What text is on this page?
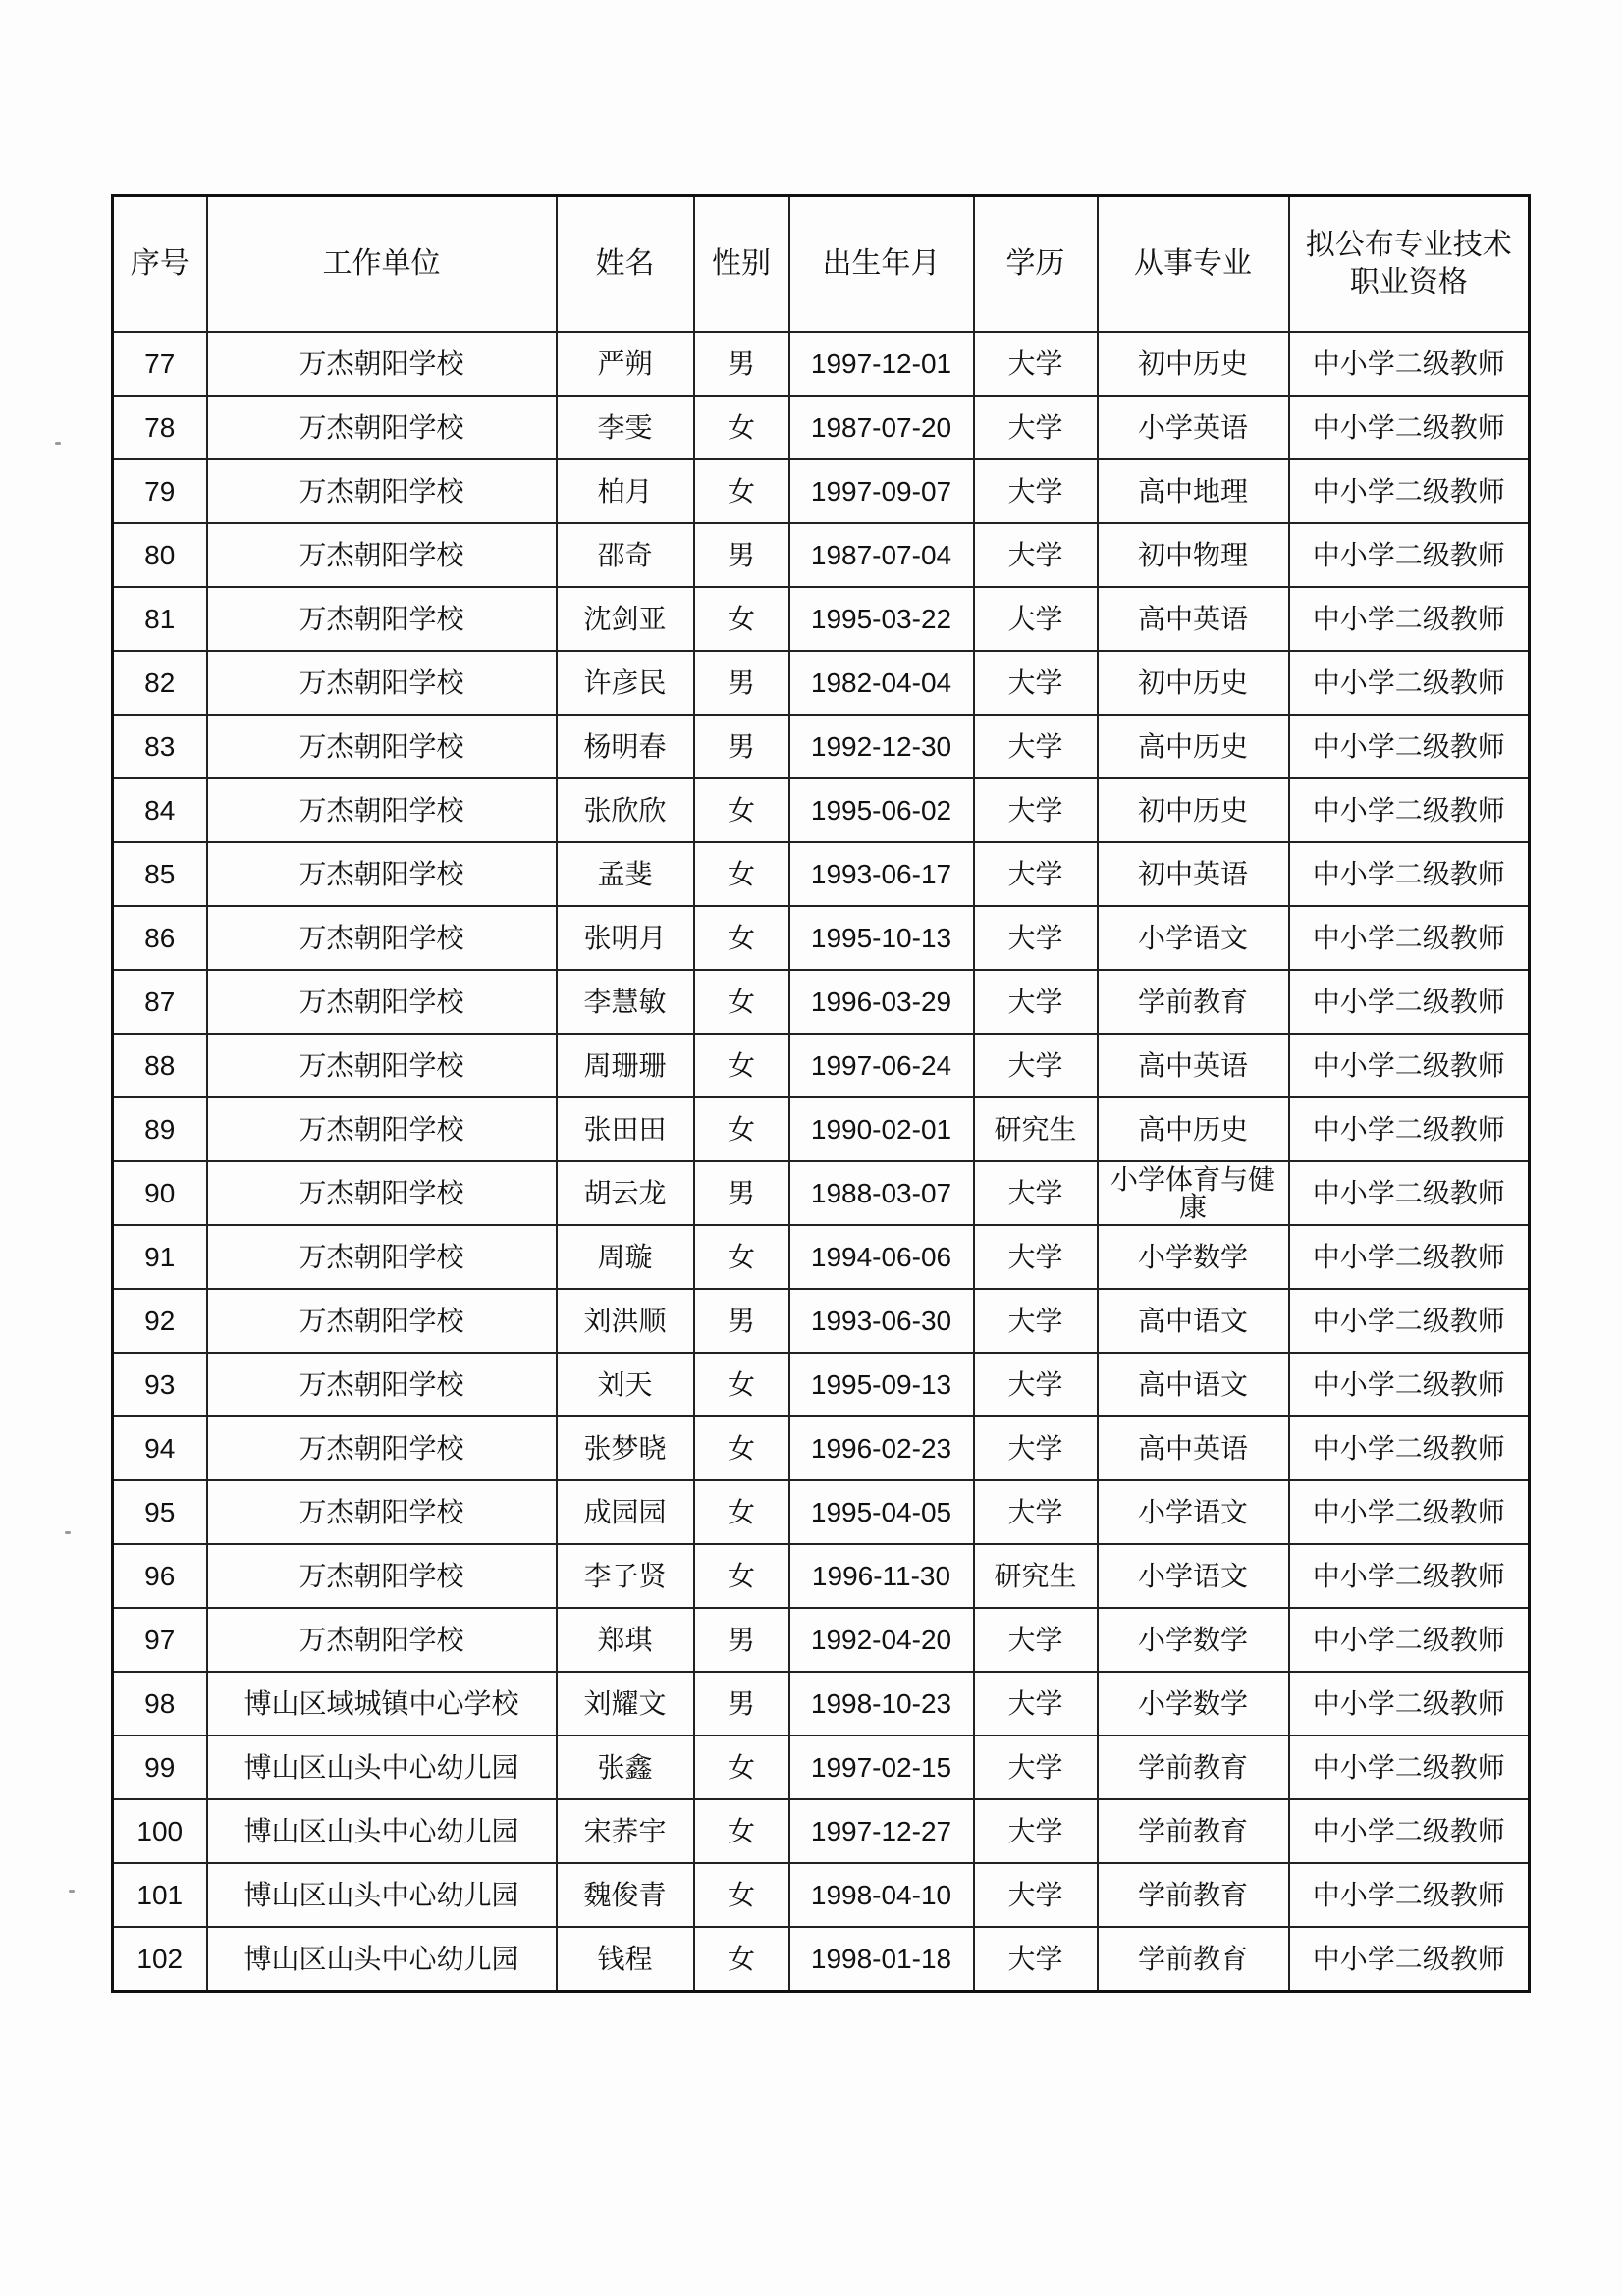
序号	工作单位	姓名	性别	出生年月	学历	从事专业	拟公布专业技术职业资格
77	万杰朝阳学校	严朔	男	1997-12-01	大学	初中历史	中小学二级教师
78	万杰朝阳学校	李雯	女	1987-07-20	大学	小学英语	中小学二级教师
79	万杰朝阳学校	柏月	女	1997-09-07	大学	高中地理	中小学二级教师
80	万杰朝阳学校	邵奇	男	1987-07-04	大学	初中物理	中小学二级教师
81	万杰朝阳学校	沈剑亚	女	1995-03-22	大学	高中英语	中小学二级教师
82	万杰朝阳学校	许彦民	男	1982-04-04	大学	初中历史	中小学二级教师
83	万杰朝阳学校	杨明春	男	1992-12-30	大学	高中历史	中小学二级教师
84	万杰朝阳学校	张欣欣	女	1995-06-02	大学	初中历史	中小学二级教师
85	万杰朝阳学校	孟斐	女	1993-06-17	大学	初中英语	中小学二级教师
86	万杰朝阳学校	张明月	女	1995-10-13	大学	小学语文	中小学二级教师
87	万杰朝阳学校	李慧敏	女	1996-03-29	大学	学前教育	中小学二级教师
88	万杰朝阳学校	周珊珊	女	1997-06-24	大学	高中英语	中小学二级教师
89	万杰朝阳学校	张田田	女	1990-02-01	研究生	高中历史	中小学二级教师
90	万杰朝阳学校	胡云龙	男	1988-03-07	大学	小学体育与健康	中小学二级教师
91	万杰朝阳学校	周璇	女	1994-06-06	大学	小学数学	中小学二级教师
92	万杰朝阳学校	刘洪顺	男	1993-06-30	大学	高中语文	中小学二级教师
93	万杰朝阳学校	刘天	女	1995-09-13	大学	高中语文	中小学二级教师
94	万杰朝阳学校	张梦晓	女	1996-02-23	大学	高中英语	中小学二级教师
95	万杰朝阳学校	成园园	女	1995-04-05	大学	小学语文	中小学二级教师
96	万杰朝阳学校	李子贤	女	1996-11-30	研究生	小学语文	中小学二级教师
97	万杰朝阳学校	郑琪	男	1992-04-20	大学	小学数学	中小学二级教师
98	博山区域城镇中心学校	刘耀文	男	1998-10-23	大学	小学数学	中小学二级教师
99	博山区山头中心幼儿园	张鑫	女	1997-02-15	大学	学前教育	中小学二级教师
100	博山区山头中心幼儿园	宋荞宇	女	1997-12-27	大学	学前教育	中小学二级教师
101	博山区山头中心幼儿园	魏俊青	女	1998-04-10	大学	学前教育	中小学二级教师
102	博山区山头中心幼儿园	钱程	女	1998-01-18	大学	学前教育	中小学二级教师
